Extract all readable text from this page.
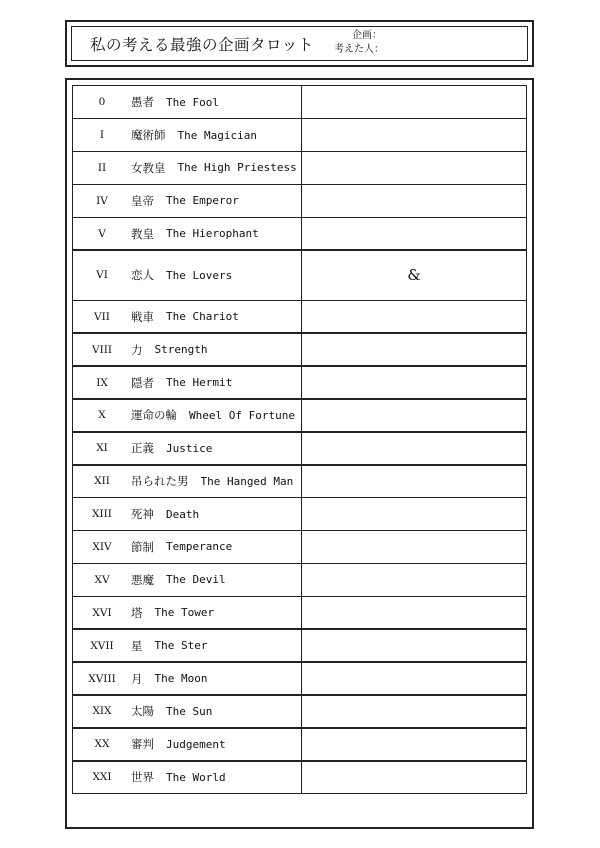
私の考える最強の企画タロット
企画：
考えた人：
0	愚者 The Fool
I	魔術師 The Magician
II	女教皇 The High Priestess
IV	皇帝 The Emperor
V	教皇 The Hierophant
VI	恋人 The Lovers	&
VII	戦車 The Chariot
VIII	力 Strength
IX	隠者 The Hermit
X	運命の輪 Wheel Of Fortune
XI	正義 Justice
XII	吊られた男 The Hanged Man
XIII	死神 Death
XIV	節制 Temperance
XV	悪魔 The Devil
XVI	塔 The Tower
XVII	星 The Ster
XVIII	月 The Moon
XIX	太陽 The Sun
XX	審判 Judgement
XXI	世界 The World
